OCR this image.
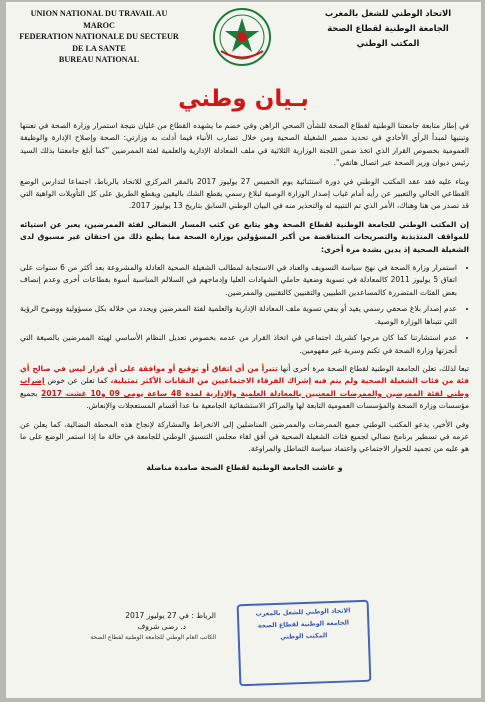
UNION NATIONAL DU TRAVAIL AU MAROC
FEDERATION NATIONALE DU SECTEUR DE LA SANTE
BUREAU NATIONAL
الاتحاد الوطني للشغل بالمغرب
الجامعة الوطنية لقطاع الصحة
المكتب الوطني
بـيان وطني

في إطار متابعة جامعتنا الوطنية لقطاع الصحة للشأن الصحي الراهن وفي خضم ما يشهده القطاع من غليان نتيجة استمرار وزارة الصحة في تعنتها وتبنيها لمبدأ الرأي الأحادي في تحديد مصير الشغيلة الصحية ومن خلال تضارب الأنباء فيما أدلت به وزارتي: الصحة وإصلاح الإدارة والوظيفة العمومية بخصوص القرار الذي اتخذ ضمن اللجنة الوزارية الثلاثية في ملف المعادلة الإدارية والعلمية لفئة الممرضين "كما أبلغ جامعتنا بذلك السيد رئيس ديوان وزير الصحة عبر اتصال هاتفي".

وبناء عليه فقد عقد المكتب الوطني في دورة استثنائية يوم الخميس 27 يوليوز 2017 بالمقر المركزي للاتحاد بالرباط، اجتماعا لتدارس الوضع القطاعي الحالي والتعبير عن رأيه أمام غياب إصدار الوزارة الوصية لبلاغ رسمي يقطع الشك باليقين ويقطع الطريق على كل التأويلات الواهية التي قد تصدر من هنا وهناك، الأمر الذي تم التنبيه له والتحذير منه في البيان الوطني السابق بتاريخ 13 يوليوز 2017.

إن المكتب الوطني للجامعة الوطنية لقطاع الصحة وهو يتابع عن كثب المسار النضالي لفئة الممرضين، يعبر عن استيائه للمواقف المتذبذبة والتصريحات المتناقضة من أكبر المسؤولين بوزارة الصحة مما يطبع ذلك من احتقان غير مسبوق لدى الشغيلة الصحية إذ يدين بشدة مرة أخرى:

• استمرار وزارة الصحة في نهج سياسة التسويف والعناد في الاستجابة لمطالب الشغيلة الصحية العادلة والمشروعة بعد أكثر من 6 سنوات على اتفاق 5 يوليوز 2011 كالمعادلة في تسوية وضعية حاملي الشهادات العليا وإدماجهم في السلالم المناسبة أسوة بقطاعات أخرى وعدم إنصاف بعض الفئات المتضررة كالمساعدين الطبيين والتقنيين كالتقنيين والممرضين.
• عدم إصدار بلاغ صحفي رسمي يفيد أو ينفي تسوية ملف المعادلة الإدارية والعلمية لفئة الممرضين ويحدد من خلاله بكل مسؤولية ووضوح الرؤية التي تتبناها الوزارة الوصية.
• عدم استشارتنا كما كان مرجوا كشريك اجتماعي في اتخاذ القرار من عدمه بخصوص تعديل النظام الأساسي لهيئة الممرضين بالصيغة التي أنجزتها وزارة الصحة في تكتم وسرية غير مفهومين.

تبعا لذلك، تعلن الجامعة الوطنية لقطاع الصحة مرة أخرى أنها تتبرأ من أي اتفاق أو توقيع أو موافقة على أي قرار ليس في صالح أي فئة من فئات الشغيلة الصحية ولم يتم فيه إشراك الفرقاء الاجتماعيين من النقابات الأكثر تمثيلية، كما تعلن عن خوض إضراب وطني لفئة الممرضين والممرضات المعنيين بالمعادلة العلمية والإدارية لمدة 48 ساعة يومي 09 و10 غشت 2017 بجميع مؤسسات وزارة الصحة والمؤسسات العمومية التابعة لها والمراكز الاستشفائية الجامعية ما عدا أقسام المستعجلات والإنعاش.

وفي الأخير، يدعو المكتب الوطني جميع الممرضات والممرضين المناضلين إلى الانخراط والمشاركة لإنجاح هذه المحطة النضالية، كما يعلن عن عزمه في تسطير برنامج نضالي لجميع فئات الشغيلة الصحية في أفق لقاء مجلس التنسيق الوطني للجامعة في حالة ما إذا استمر الوضع على ما هو عليه من تجميد للحوار الاجتماعي واعتماد سياسة التماطل والمراوغة.

و عاشت الجامعة الوطنية لقطاع الصحة صامدة مناضلة
الرباط : في 27 يوليوز 2017
د. رضى شروف
الكاتب العام الوطني للجامعة الوطنية لقطاع الصحة
الاتحاد الوطني للشغل بالمغرب
الجامعة الوطنية لقطاع الصحة
المكتب الوطني
